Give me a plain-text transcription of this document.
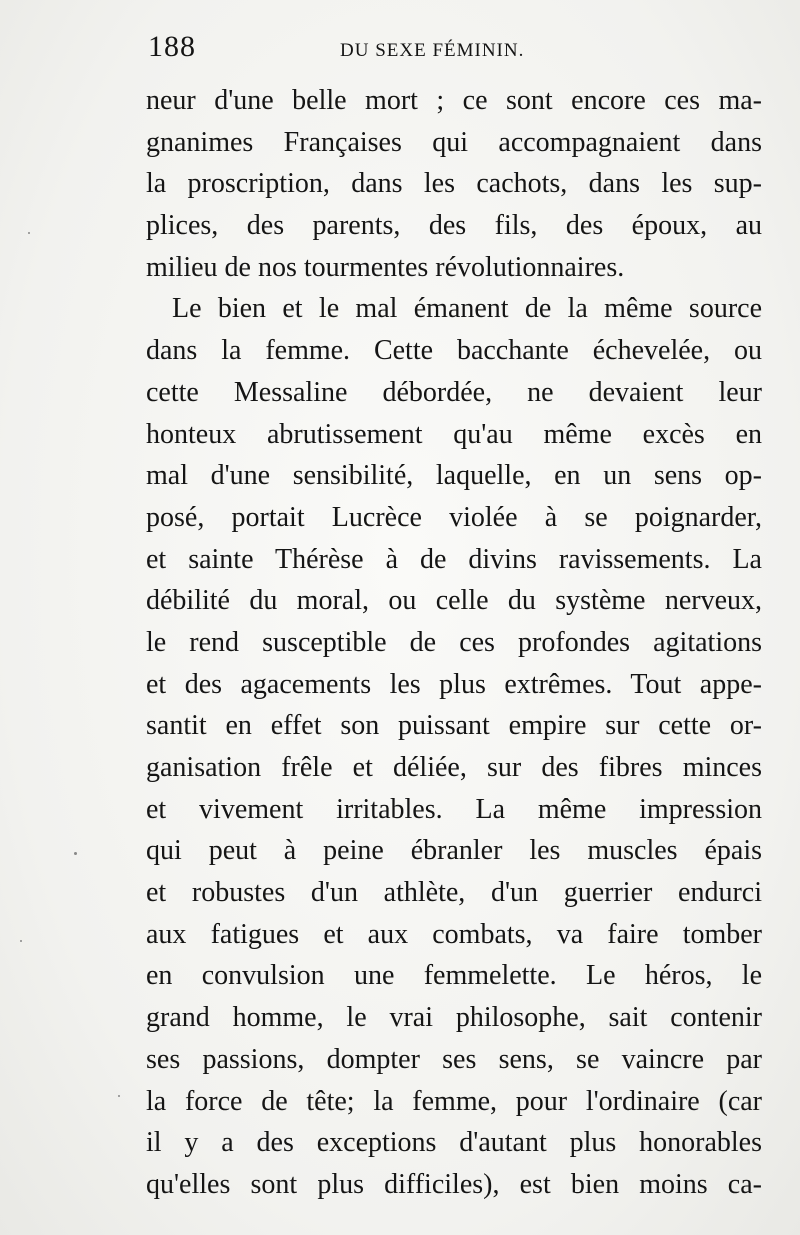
188	DU SEXE FÉMININ.
neur d'une belle mort ; ce sont encore ces ma-
gnanimes Françaises qui accompagnaient dans
la proscription, dans les cachots, dans les sup-
plices, des parents, des fils, des époux, au
milieu de nos tourmentes révolutionnaires.
Le bien et le mal émanent de la même source
dans la femme. Cette bacchante échevelée, ou
cette Messaline débordée, ne devaient leur
honteux abrutissement qu'au même excès en
mal d'une sensibilité, laquelle, en un sens op-
posé, portait Lucrèce violée à se poignarder,
et sainte Thérèse à de divins ravissements. La
débilité du moral, ou celle du système nerveux,
le rend susceptible de ces profondes agitations
et des agacements les plus extrêmes. Tout appe-
santit en effet son puissant empire sur cette or-
ganisation frêle et déliée, sur des fibres minces
et vivement irritables. La même impression
qui peut à peine ébranler les muscles épais
et robustes d'un athlète, d'un guerrier endurci
aux fatigues et aux combats, va faire tomber
en convulsion une femmelette. Le héros, le
grand homme, le vrai philosophe, sait contenir
ses passions, dompter ses sens, se vaincre par
la force de tête; la femme, pour l'ordinaire (car
il y a des exceptions d'autant plus honorables
qu'elles sont plus difficiles), est bien moins ca-
